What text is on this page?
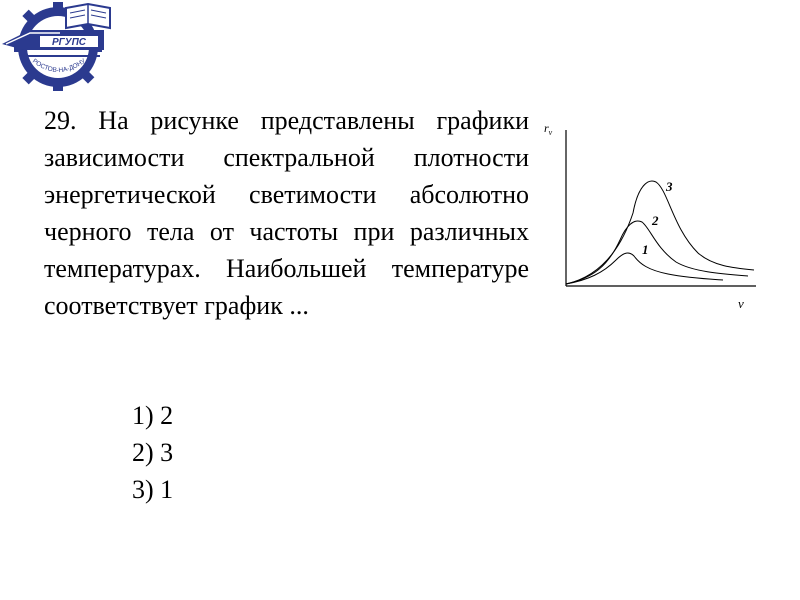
РГУПС
РОСТОВ-НА-ДОНУ

29. На рисунке представлены графики зависимости спектральной плотности энергетической светимости абсолютно черного тела от частоты при различных температурах. Наибольшей температуре соответствует график ...

1) 2
2) 3
3) 1
$r_\nu$
ν
1
2
3
